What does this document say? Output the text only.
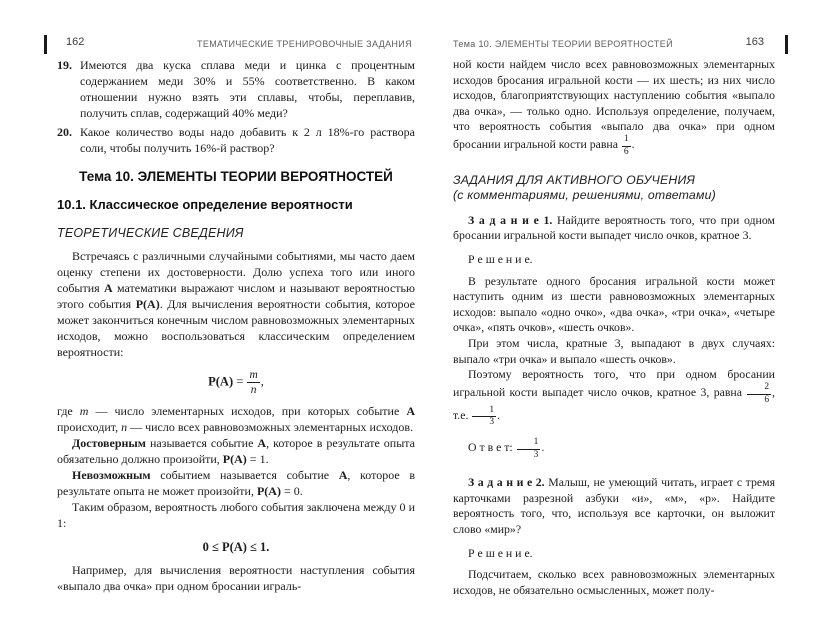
162	ТЕМАТИЧЕСКИЕ ТРЕНИРОВОЧНЫЕ ЗАДАНИЯ
19. Имеются два куска сплава меди и цинка с процентным содержанием меди 30% и 55% соответственно. В каком отношении нужно взять эти сплавы, чтобы, переплавив, получить сплав, содержащий 40% меди?
20. Какое количество воды надо добавить к 2 л 18%-го раствора соли, чтобы получить 16%-й раствор?
Тема 10. ЭЛЕМЕНТЫ ТЕОРИИ ВЕРОЯТНОСТЕЙ
10.1. Классическое определение вероятности
ТЕОРЕТИЧЕСКИЕ СВЕДЕНИЯ

Встречаясь с различными случайными событиями, мы часто даем оценку степени их достоверности. Долю успеха того или иного события А математики выражают числом и называют вероятностью этого события P(A). Для вычисления вероятности события, которое может закончиться конечным числом равновозможных элементарных исходов, можно воспользоваться классическим определением вероятности:

$P(A) = \frac{m}{n}$ ,

где m — число элементарных исходов, при которых событие А происходит, n — число всех равновозможных элементарных исходов.

Достоверным называется событие А, которое в результате опыта обязательно должно произойти, P(A) = 1.

Невозможным событием называется событие А, которое в результате опыта не может произойти, P(A) = 0.

Таким образом, вероятность любого события заключена между 0 и 1:

0 ≤ P(A) ≤ 1.

Например, для вычисления вероятности наступления события «выпало два очка» при одном бросании играль-

Тема 10. ЭЛЕМЕНТЫ ТЕОРИИ ВЕРОЯТНОСТЕЙ	163

ной кости найдем число всех равновозможных элементарных исходов бросания игральной кости — их шесть; из них число исходов, благоприятствующих наступлению события «выпало два очка», — только одно. Используя определение, получаем, что вероятность события «выпало два очка» при одном бросании игральной кости равна $\frac{1}{6}$ .

ЗАДАНИЯ ДЛЯ АКТИВНОГО ОБУЧЕНИЯ
(с комментариями, решениями, ответами)

З а д а н и е 1. Найдите вероятность того, что при одном бросании игральной кости выпадет число очков, кратное 3.

Р е ш е н и е.

В результате одного бросания игральной кости может наступить одним из шести равновозможных элементарных исходов: выпало «одно очко», «два очка», «три очка», «четыре очка», «пять очков», «шесть очков».

При этом числа, кратные 3, выпадают в двух случаях: выпало «три очка» и выпало «шесть очков».

Поэтому вероятность того, что при одном бросании игральной кости выпадет число очков, кратное 3, равна $\frac{2}{6}$ , т.е. $\frac{1}{3}$ .

О т в е т: $\frac{1}{3}$ .

З а д а н и е 2. Малыш, не умеющий читать, играет с тремя карточками разрезной азбуки «и», «м», «р». Найдите вероятность того, что, используя все карточки, он выложит слово «мир»?

Р е ш е н и е.

Подсчитаем, сколько всех равновозможных элементарных исходов, не обязательно осмысленных, может полу-
